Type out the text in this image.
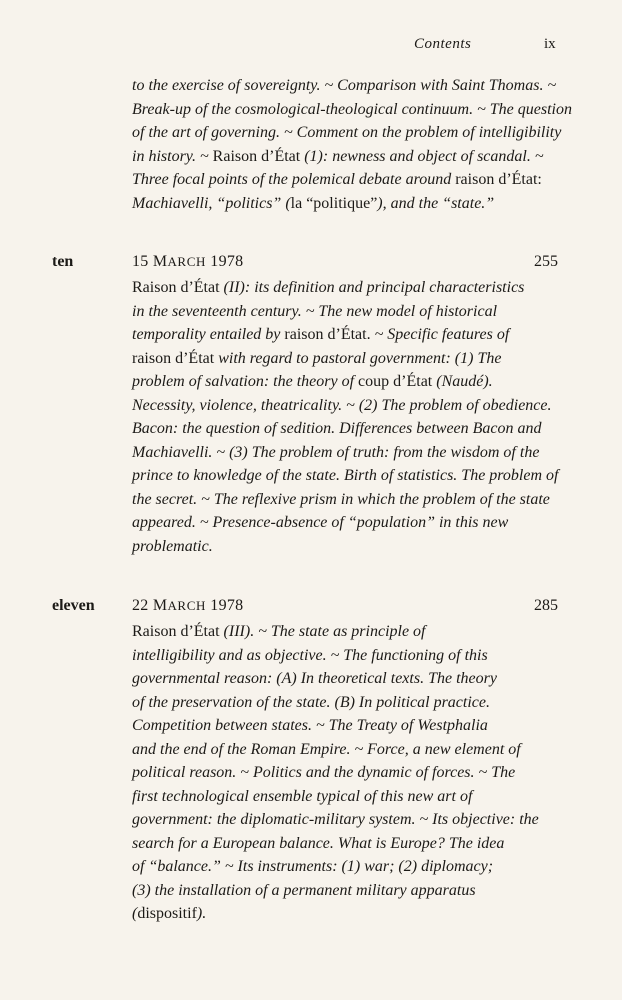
Contents	ix
to the exercise of sovereignty. ~ Comparison with Saint Thomas. ~
Break-up of the cosmological-theological continuum. ~ The question
of the art of governing. ~ Comment on the problem of intelligibility
in history. ~ Raison d’État (1): newness and object of scandal. ~
Three focal points of the polemical debate around raison d’État:
Machiavelli, “politics” (la “politique”), and the “state.”
ten	15 MARCH 1978	255
Raison d’État (II): its definition and principal characteristics
in the seventeenth century. ~ The new model of historical
temporality entailed by raison d’État. ~ Specific features of
raison d’État with regard to pastoral government: (1) The
problem of salvation: the theory of coup d’État (Naudé).
Necessity, violence, theatricality. ~ (2) The problem of obedience.
Bacon: the question of sedition. Differences between Bacon and
Machiavelli. ~ (3) The problem of truth: from the wisdom of the
prince to knowledge of the state. Birth of statistics. The problem of
the secret. ~ The reflexive prism in which the problem of the state
appeared. ~ Presence-absence of “population” in this new
problematic.
eleven 22 MARCH 1978	285
Raison d’État (III). ~ The state as principle of
intelligibility and as objective. ~ The functioning of this
governmental reason: (A) In theoretical texts. The theory
of the preservation of the state. (B) In political practice.
Competition between states. ~ The Treaty of Westphalia
and the end of the Roman Empire. ~ Force, a new element of
political reason. ~ Politics and the dynamic of forces. ~ The
first technological ensemble typical of this new art of
government: the diplomatic-military system. ~ Its objective: the
search for a European balance. What is Europe? The idea
of “balance.” ~ Its instruments: (1) war; (2) diplomacy;
(3) the installation of a permanent military apparatus
(dispositif).
